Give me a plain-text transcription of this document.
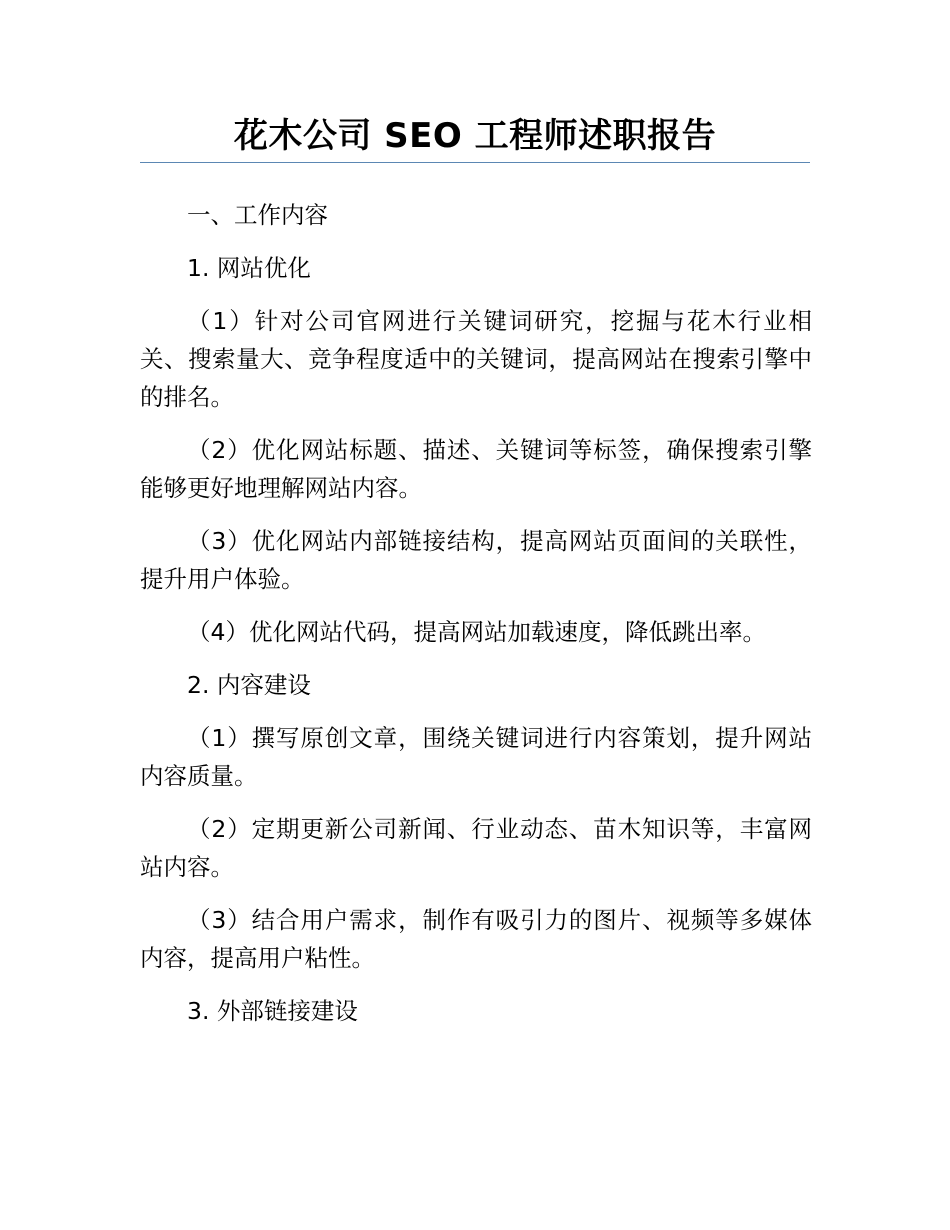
花木公司 SEO 工程师述职报告

一、工作内容

1. 网站优化

（1）针对公司官网进行关键词研究，挖掘与花木行业相关、搜索量大、竞争程度适中的关键词，提高网站在搜索引擎中的排名。

（2）优化网站标题、描述、关键词等标签，确保搜索引擎能够更好地理解网站内容。

（3）优化网站内部链接结构，提高网站页面间的关联性，提升用户体验。

（4）优化网站代码，提高网站加载速度，降低跳出率。

2. 内容建设

（1）撰写原创文章，围绕关键词进行内容策划，提升网站内容质量。

（2）定期更新公司新闻、行业动态、苗木知识等，丰富网站内容。

（3）结合用户需求，制作有吸引力的图片、视频等多媒体内容，提高用户粘性。

3. 外部链接建设
